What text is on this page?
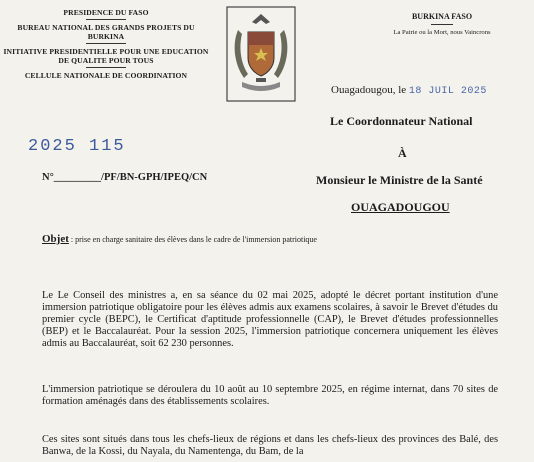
PRESIDENCE DU FASO
BUREAU NATIONAL DES GRANDS PROJETS DU BURKINA
INITIATIVE PRESIDENTIELLE POUR UNE EDUCATION DE QUALITE POUR TOUS
CELLULE NATIONALE DE COORDINATION
BURKINA FASO
La Patrie ou la Mort, nous Vaincrons
Ouagadougou, le 18 JUIL 2025
Le Coordonnateur National
À
2025 115
N°_________/PF/BN-GPH/IPEQ/CN	Monsieur le Ministre de la Santé
OUAGADOUGOU
Objet : prise en charge sanitaire des élèves dans le cadre de l'immersion patriotique

Le Le Conseil des ministres a, en sa séance du 02 mai 2025, adopté le décret portant institution d'une immersion patriotique obligatoire pour les élèves admis aux examens scolaires, à savoir le Brevet d'études du premier cycle (BEPC), le Certificat d'aptitude professionnelle (CAP), le Brevet d'études professionnelles (BEP) et le Baccalauréat. Pour la session 2025, l'immersion patriotique concernera uniquement les élèves admis au Baccalauréat, soit 62 230 personnes.

L'immersion patriotique se déroulera du 10 août au 10 septembre 2025, en régime internat, dans 70 sites de formation aménagés dans des établissements scolaires.

Ces sites sont situés dans tous les chefs-lieux de régions et dans les chefs-lieux des provinces des Balé, des Banwa, de la Kossi, du Nayala, du Namentenga, du Bam, de la
